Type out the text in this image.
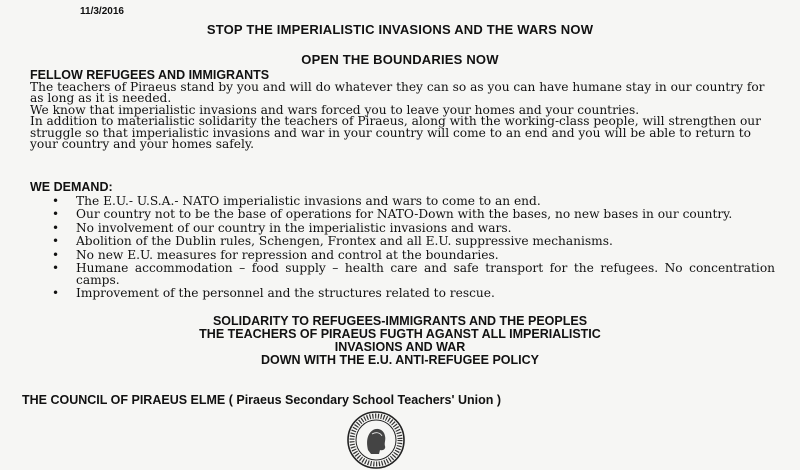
11/3/2016
STOP THE IMPERIALISTIC INVASIONS AND THE WARS NOW
OPEN THE BOUNDARIES NOW
FELLOW REFUGEES AND IMMIGRANTS

The teachers of Piraeus stand by you and will do whatever they can so as you can have humane stay in our country for as long as it is needed.

We know that imperialistic invasions and wars forced you to leave your homes and your countries.

In addition to materialistic solidarity the teachers of Piraeus, along with the working-class people, will strengthen our struggle so that imperialistic invasions and war in your country will come to an end and you will be able to return to your country and your homes safely.

WE DEMAND:
• The E.U.- U.S.A.- NATO imperialistic invasions and wars to come to an end.
• Our country not to be the base of operations for NATO-Down with the bases, no new bases in our country.
• No involvement of our country in the imperialistic invasions and wars.
• Abolition of the Dublin rules, Schengen, Frontex and all E.U. suppressive mechanisms.
• No new E.U. measures for repression and control at the boundaries.
• Humane accommodation – food supply – health care and safe transport for the refugees. No concentration camps.
• Improvement of the personnel and the structures related to rescue.
SOLIDARITY TO REFUGEES-IMMIGRANTS AND THE PEOPLES
THE TEACHERS OF PIRAEUS FUGTH AGANST ALL IMPERIALISTIC
INVASIONS AND WAR
DOWN WITH THE E.U. ANTI-REFUGEE POLICY
THE COUNCIL OF PIRAEUS ELME ( Piraeus Secondary School Teachers' Union )
